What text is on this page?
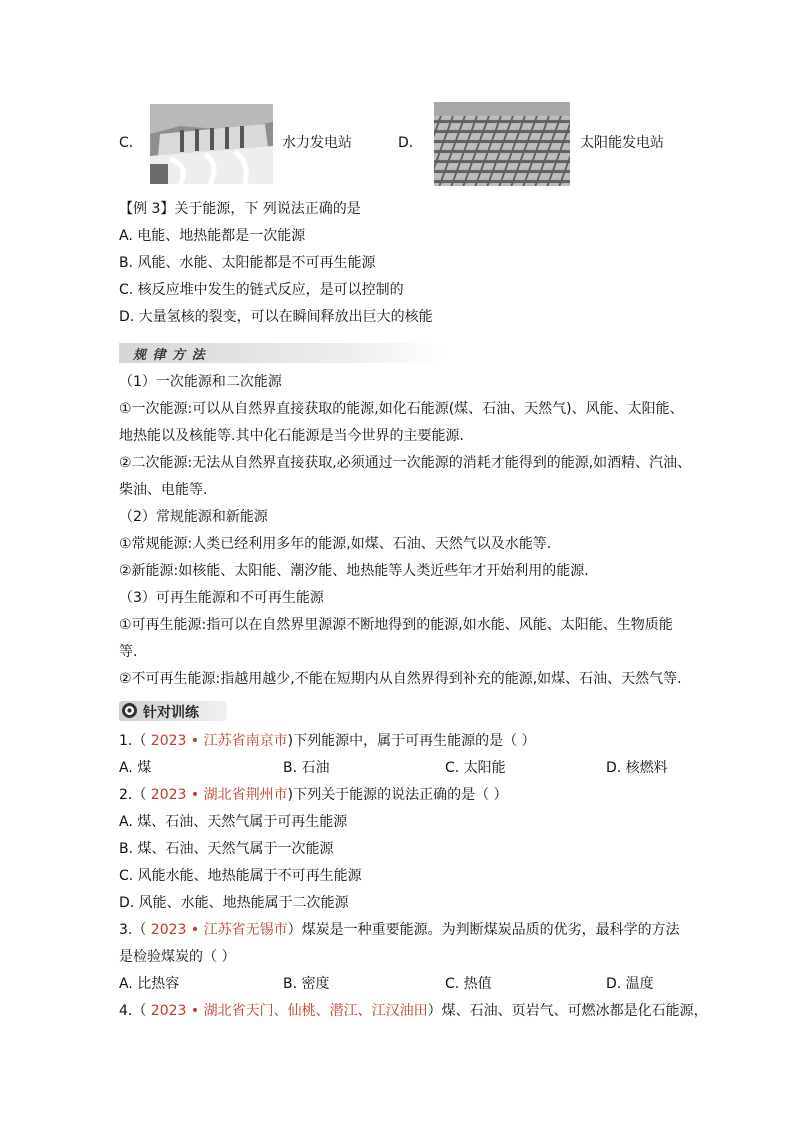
C．	水力发电站	D．	太阳能发电站
【例 3】关于能源，下 列说法正确的是
A. 电能、地热能都是一次能源
B. 风能、水能、太阳能都是不可再生能源
C. 核反应堆中发生的链式反应，是可以控制的
D. 大量氢核的裂变，可以在瞬间释放出巨大的核能
规 律 方 法
（1）一次能源和二次能源
①一次能源:可以从自然界直接获取的能源,如化石能源(煤、石油、天然气)、风能、太阳能、
地热能以及核能等.其中化石能源是当今世界的主要能源.
②二次能源:无法从自然界直接获取,必须通过一次能源的消耗才能得到的能源,如酒精、汽油、
柴油、电能等.
（2）常规能源和新能源
①常规能源:人类已经利用多年的能源,如煤、石油、天然气以及水能等.
②新能源:如核能、太阳能、潮汐能、地热能等人类近些年才开始利用的能源.
（3）可再生能源和不可再生能源
①可再生能源:指可以在自然界里源源不断地得到的能源,如水能、风能、太阳能、生物质能
等.
②不可再生能源:指越用越少,不能在短期内从自然界得到补充的能源,如煤、石油、天然气等.
针对训练
1.（ 2023 • 江苏省南京市)下列能源中，属于可再生能源的是（ ）
A. 煤	B. 石油	C. 太阳能	D. 核燃料
2.（ 2023 • 湖北省荆州市)下列关于能源的说法正确的是（ ）
A. 煤、石油、天然气属于可再生能源
B. 煤、石油、天然气属于一次能源
C. 风能水能、地热能属于不可再生能源
D. 风能、水能、地热能属于二次能源
3.（ 2023 • 江苏省无锡市）煤炭是一种重要能源。为判断煤炭品质的优劣，最科学的方法
是检验煤炭的（ ）
A. 比热容	B. 密度	C. 热值	D. 温度
4.（ 2023 • 湖北省天门、仙桃、潜江、江汉油田）煤、石油、页岩气、可燃冰都是化石能源，
